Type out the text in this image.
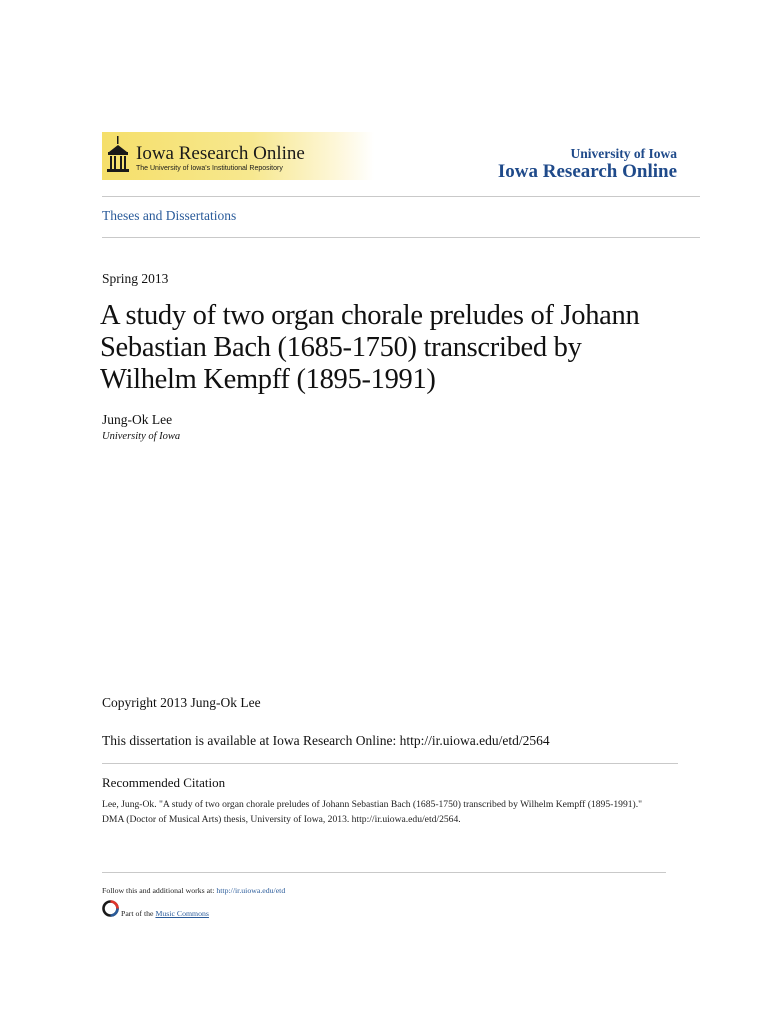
Iowa Research Online
The University of Iowa's Institutional Repository
University of Iowa
Iowa Research Online
Theses and Dissertations
Spring 2013
A study of two organ chorale preludes of Johann Sebastian Bach (1685-1750) transcribed by Wilhelm Kempff (1895-1991)
Jung-Ok Lee
University of Iowa
Copyright 2013 Jung-Ok Lee
This dissertation is available at Iowa Research Online: http://ir.uiowa.edu/etd/2564
Recommended Citation
Lee, Jung-Ok. "A study of two organ chorale preludes of Johann Sebastian Bach (1685-1750) transcribed by Wilhelm Kempff (1895-1991)." DMA (Doctor of Musical Arts) thesis, University of Iowa, 2013. http://ir.uiowa.edu/etd/2564.
Follow this and additional works at: http://ir.uiowa.edu/etd
Part of the Music Commons
